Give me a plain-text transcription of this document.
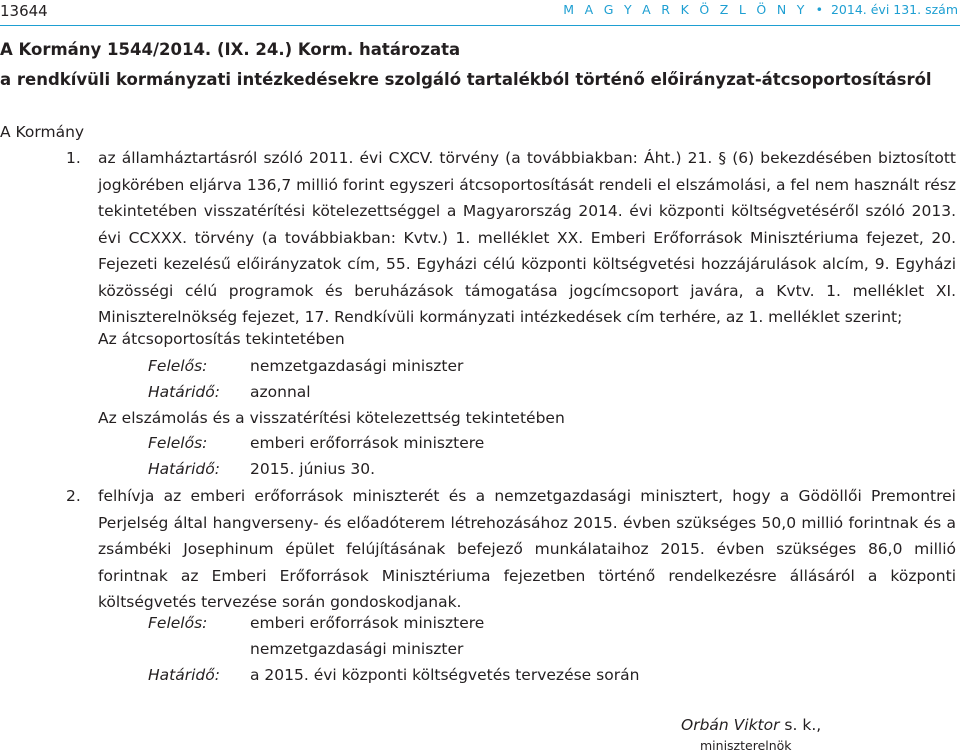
13644	M A G Y A R K Ö Z L Ö N Y • 2014. évi 131. szám
A Kormány 1544/2014. (IX. 24.) Korm. határozata
a rendkívüli kormányzati intézkedésekre szolgáló tartalékból történő előirányzat-átcsoportosításról
A Kormány
1. az államháztartásról szóló 2011. évi CXCV. törvény (a továbbiakban: Áht.) 21. § (6) bekezdésében biztosított jogkörében eljárva 136,7 millió forint egyszeri átcsoportosítását rendeli el elszámolási, a fel nem használt rész tekintetében visszatérítési kötelezettséggel a Magyarország 2014. évi központi költségvetéséről szóló 2013. évi CCXXX. törvény (a továbbiakban: Kvtv.) 1. melléklet XX. Emberi Erőforrások Minisztériuma fejezet, 20. Fejezeti kezelésű előirányzatok cím, 55. Egyházi célú központi költségvetési hozzájárulások alcím, 9. Egyházi közösségi célú programok és beruházások támogatása jogcímcsoport javára, a Kvtv. 1. melléklet XI. Miniszterelnökség fejezet, 17. Rendkívüli kormányzati intézkedések cím terhére, az 1. melléklet szerint;
Az átcsoportosítás tekintetében
Felelős:	nemzetgazdasági miniszter
Határidő: azonnal
Az elszámolás és a visszatérítési kötelezettség tekintetében
Felelős:	emberi erőforrások minisztere
Határidő: 2015. június 30.
2. felhívja az emberi erőforrások miniszterét és a nemzetgazdasági minisztert, hogy a Gödöllői Premontrei Perjelség által hangverseny- és előadóterem létrehozásához 2015. évben szükséges 50,0 millió forintnak és a zsámbéki Josephinum épület felújításának befejező munkálataihoz 2015. évben szükséges 86,0 millió forintnak az Emberi Erőforrások Minisztériuma fejezetben történő rendelkezésre állásáról a központi költségvetés tervezése során gondoskodjanak.
Felelős:	emberi erőforrások minisztere
nemzetgazdasági miniszter
Határidő: a 2015. évi központi költségvetés tervezése során
Orbán Viktor s. k.,
miniszterelnök
